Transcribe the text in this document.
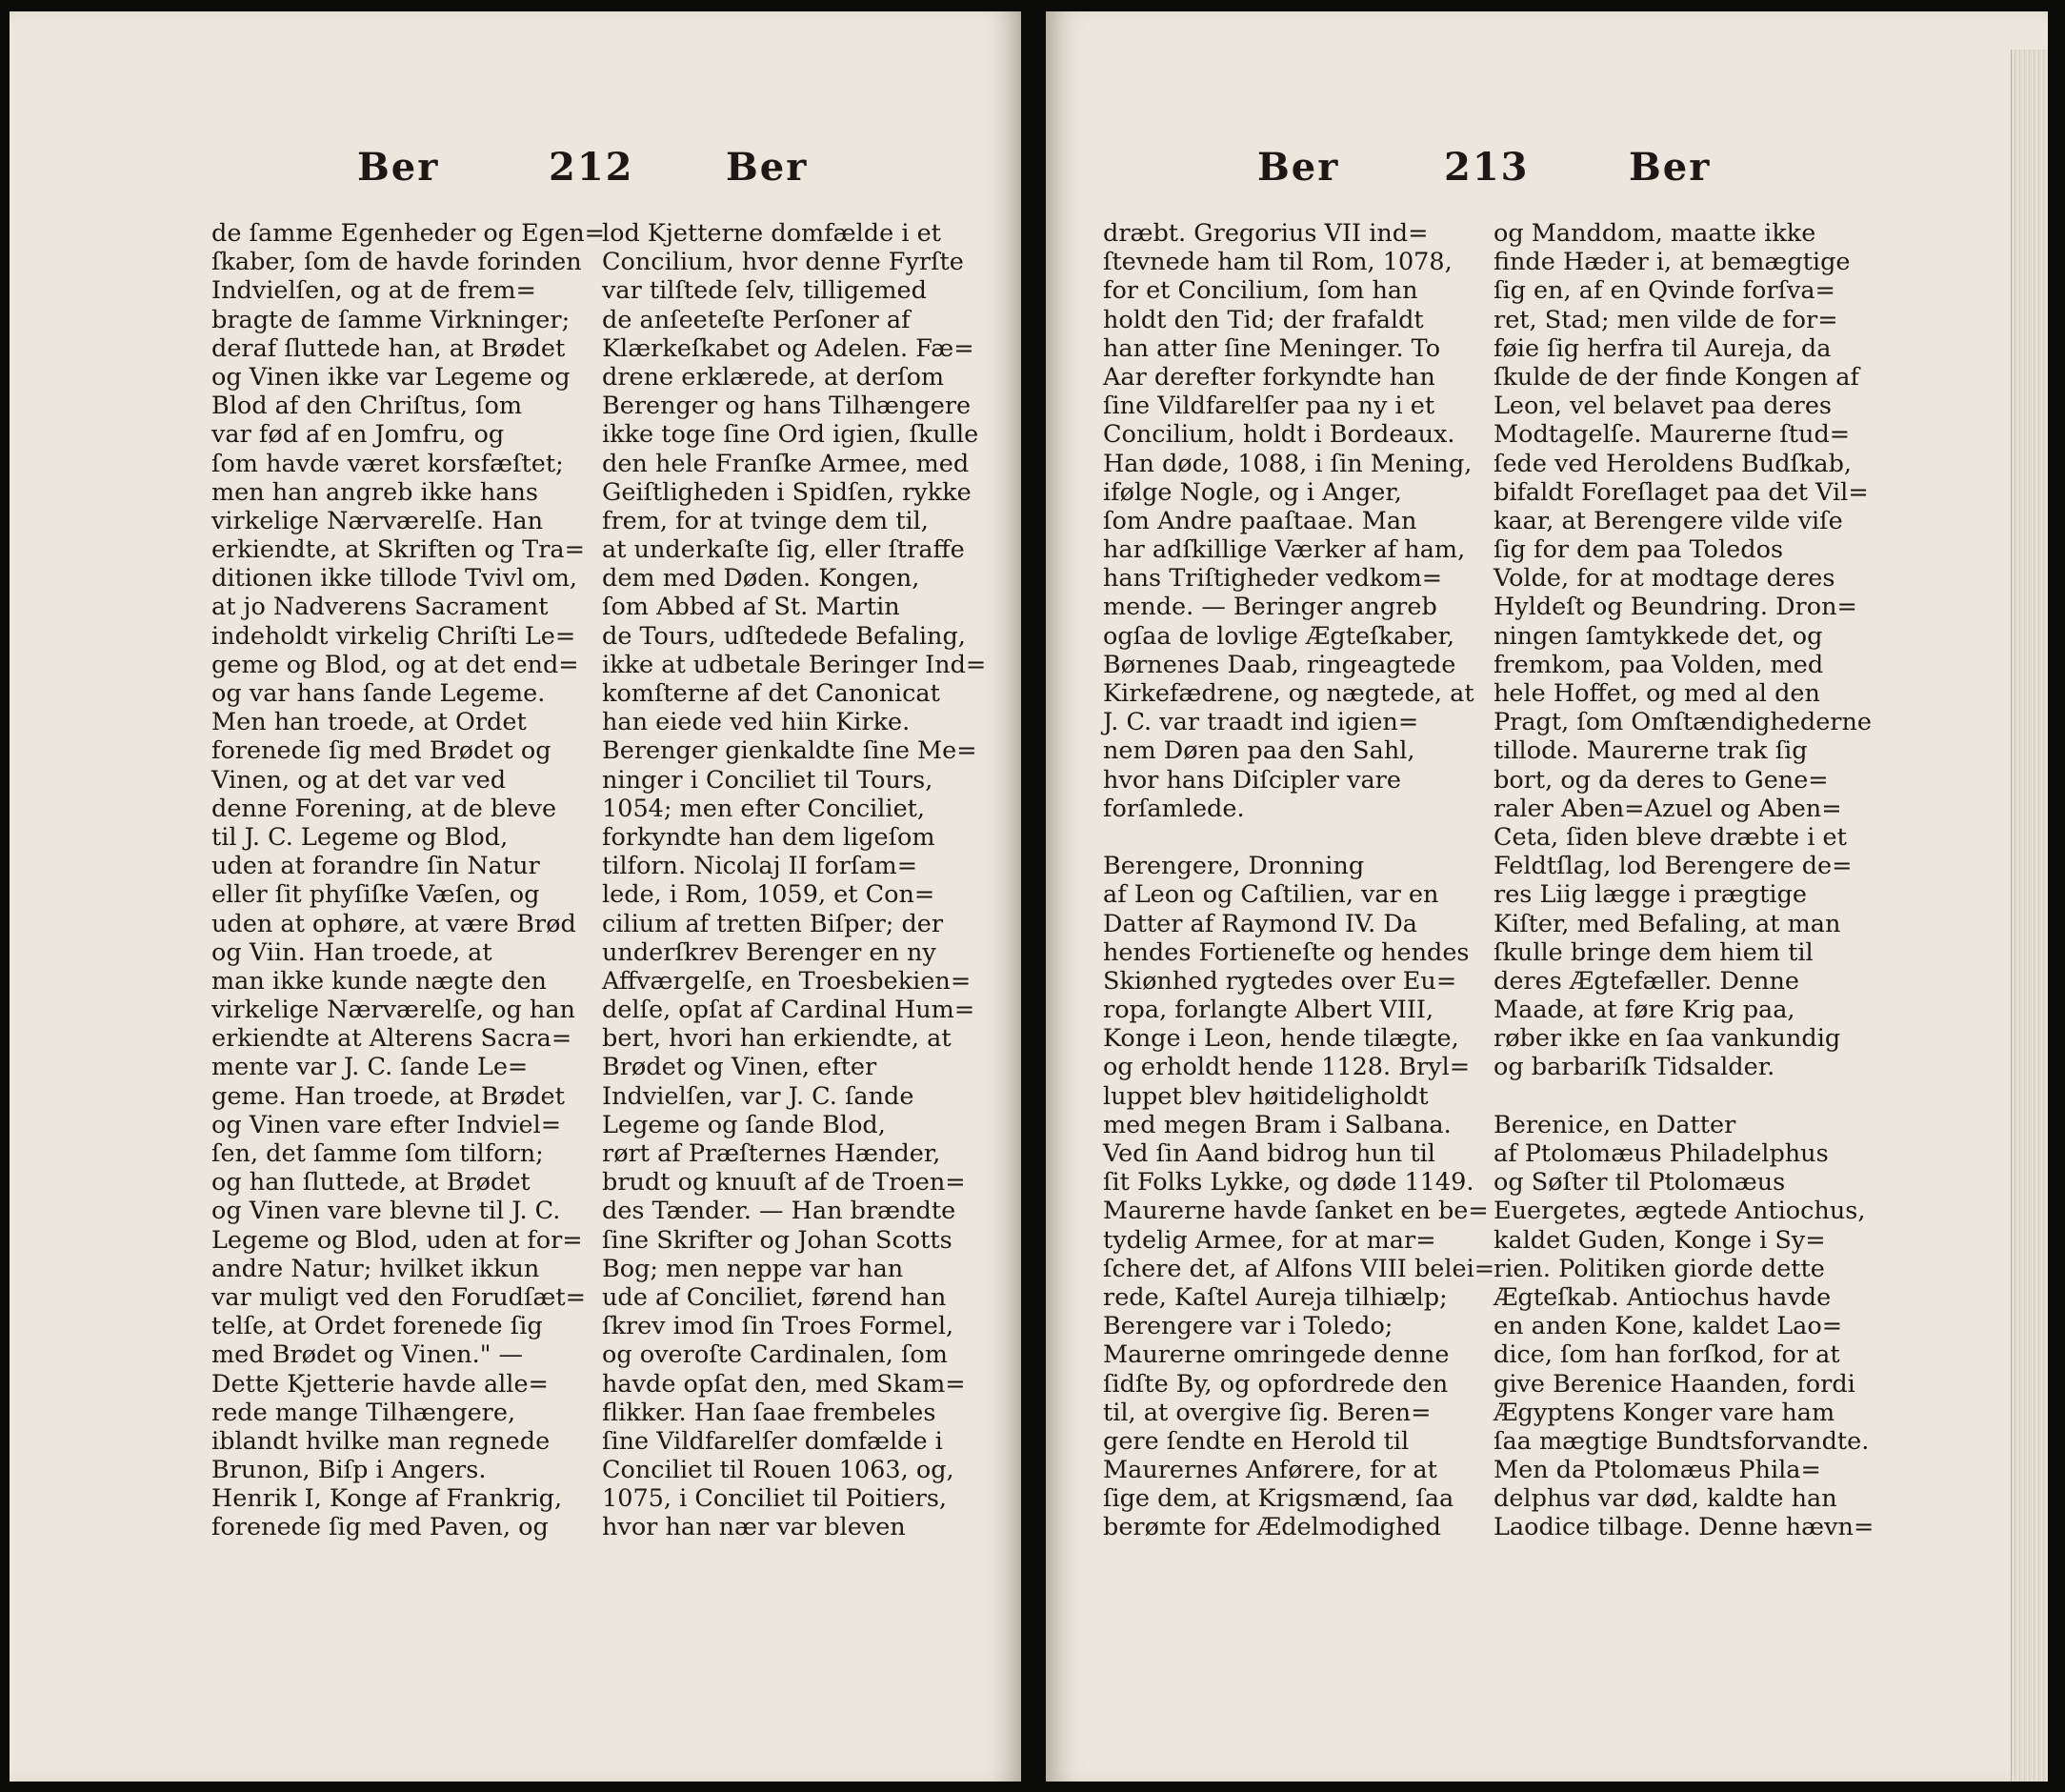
Ber	212 Ber
de ſamme Egenheder og Egen=
ſkaber, ſom de havde forinden
Indvielſen, og at de frem=
bragte de ſamme Virkninger;
deraf ſluttede han, at Brødet
og Vinen ikke var Legeme og
Blod af den Chriſtus, ſom
var fød af en Jomfru, og
ſom havde været korsfæſtet;
men han angreb ikke hans
virkelige Nærværelſe. Han
erkiendte, at Skriften og Tra=
ditionen ikke tillode Tvivl om,
at jo Nadverens Sacrament
indeholdt virkelig Chriſti Le=
geme og Blod, og at det end=
og var hans ſande Legeme.
Men han troede, at Ordet
forenede ſig med Brødet og
Vinen, og at det var ved
denne Forening, at de bleve
til J. C. Legeme og Blod,
uden at forandre ſin Natur
eller ſit phyſiſke Væſen, og
uden at ophøre, at være Brød
og Viin. Han troede, at
man ikke kunde nægte den
virkelige Nærværelſe, og han
erkiendte at Alterens Sacra=
mente var J. C. ſande Le=
geme. Han troede, at Brødet
og Vinen vare efter Indviel=
ſen, det ſamme ſom tilforn;
og han ſluttede, at Brødet
og Vinen vare blevne til J. C.
Legeme og Blod, uden at for=
andre Natur; hvilket ikkun
var muligt ved den Forudſæt=
telſe, at Ordet forenede ſig
med Brødet og Vinen." —
Dette Kjetterie havde alle=
rede mange Tilhængere,
iblandt hvilke man regnede
Brunon, Biſp i Angers.
Henrik I, Konge af Frankrig,
forenede ſig med Paven, og
lod Kjetterne domfælde i et
Concilium, hvor denne Fyrſte
var tilſtede ſelv, tilligemed
de anſeeteſte Perſoner af
Klærkeſkabet og Adelen. Fæ=
drene erklærede, at derſom
Berenger og hans Tilhængere
ikke toge ſine Ord igien, ſkulle
den hele Franſke Armee, med
Geiſtligheden i Spidſen, rykke
frem, for at tvinge dem til,
at underkaſte ſig, eller ſtraffe
dem med Døden. Kongen,
ſom Abbed af St. Martin
de Tours, udſtedede Befaling,
ikke at udbetale Beringer Ind=
komſterne af det Canonicat
han eiede ved hiin Kirke.
Berenger gienkaldte ſine Me=
ninger i Conciliet til Tours,
1054; men efter Conciliet,
forkyndte han dem ligeſom
tilforn. Nicolaj II forſam=
lede, i Rom, 1059, et Con=
cilium af tretten Biſper; der
underſkrev Berenger en ny
Affværgelſe, en Troesbekien=
delſe, opſat af Cardinal Hum=
bert, hvori han erkiendte, at
Brødet og Vinen, efter
Indvielſen, var J. C. ſande
Legeme og ſande Blod,
rørt af Præſternes Hænder,
brudt og knuuſt af de Troen=
des Tænder. — Han brændte
ſine Skrifter og Johan Scotts
Bog; men neppe var han
ude af Conciliet, førend han
ſkrev imod ſin Troes Formel,
og overoſte Cardinalen, ſom
havde opſat den, med Skam=
flikker. Han ſaae frembeles
ſine Vildfarelſer domfælde i
Conciliet til Rouen 1063, og,
1075, i Conciliet til Poitiers,
hvor han nær var bleven
Ber	213	Ber
dræbt. Gregorius VII ind=
ſtevnede ham til Rom, 1078,
for et Concilium, ſom han
holdt den Tid; der frafaldt
han atter ſine Meninger. To
Aar derefter forkyndte han
ſine Vildfarelſer paa ny i et
Concilium, holdt i Bordeaux.
Han døde, 1088, i ſin Mening,
ifølge Nogle, og i Anger,
ſom Andre paaſtaae. Man
har adſkillige Værker af ham,
hans Triſtigheder vedkom=
mende. — Beringer angreb
ogſaa de lovlige Ægteſkaber,
Børnenes Daab, ringeagtede
Kirkefædrene, og nægtede, at
J. C. var traadt ind igien=
nem Døren paa den Sahl,
hvor hans Diſcipler vare
forſamlede.
Berengere, Dronning
af Leon og Caſtilien, var en
Datter af Raymond IV. Da
hendes Fortieneſte og hendes
Skiønhed rygtedes over Eu=
ropa, forlangte Albert VIII,
Konge i Leon, hende tilægte,
og erholdt hende 1128. Bryl=
luppet blev høitideligholdt
med megen Bram i Salbana.
Ved ſin Aand bidrog hun til
ſit Folks Lykke, og døde 1149.
Maurerne havde ſanket en be=
tydelig Armee, for at mar=
ſchere det, af Alfons VIII belei=
rede, Kaſtel Aureja tilhiælp;
Berengere var i Toledo;
Maurerne omringede denne
ſidſte By, og opfordrede den
til, at overgive ſig. Beren=
gere ſendte en Herold til
Maurernes Anførere, for at
ſige dem, at Krigsmænd, ſaa
berømte for Ædelmodighed
og Manddom, maatte ikke
finde Hæder i, at bemægtige
ſig en, af en Qvinde forſva=
ret, Stad; men vilde de for=
føie ſig herfra til Aureja, da
ſkulde de der finde Kongen af
Leon, vel belavet paa deres
Modtagelſe. Maurerne ſtud=
ſede ved Heroldens Budſkab,
bifaldt Foreſlaget paa det Vil=
kaar, at Berengere vilde viſe
ſig for dem paa Toledos
Volde, for at modtage deres
Hyldeſt og Beundring. Dron=
ningen ſamtykkede det, og
fremkom, paa Volden, med
hele Hoffet, og med al den
Pragt, ſom Omſtændighederne
tillode. Maurerne trak ſig
bort, og da deres to Gene=
raler Aben=Azuel og Aben=
Ceta, ſiden bleve dræbte i et
Feldtſlag, lod Berengere de=
res Liig lægge i prægtige
Kiſter, med Befaling, at man
ſkulle bringe dem hiem til
deres Ægtefæller. Denne
Maade, at føre Krig paa,
røber ikke en ſaa vankundig
og barbariſk Tidsalder.
Berenice, en Datter
af Ptolomæus Philadelphus
og Søſter til Ptolomæus
Euergetes, ægtede Antiochus,
kaldet Guden, Konge i Sy=
rien. Politiken giorde dette
Ægteſkab. Antiochus havde
en anden Kone, kaldet Lao=
dice, ſom han forſkod, for at
give Berenice Haanden, fordi
Ægyptens Konger vare ham
ſaa mægtige Bundtsforvandte.
Men da Ptolomæus Phila=
delphus var død, kaldte han
Laodice tilbage. Denne hævn=
